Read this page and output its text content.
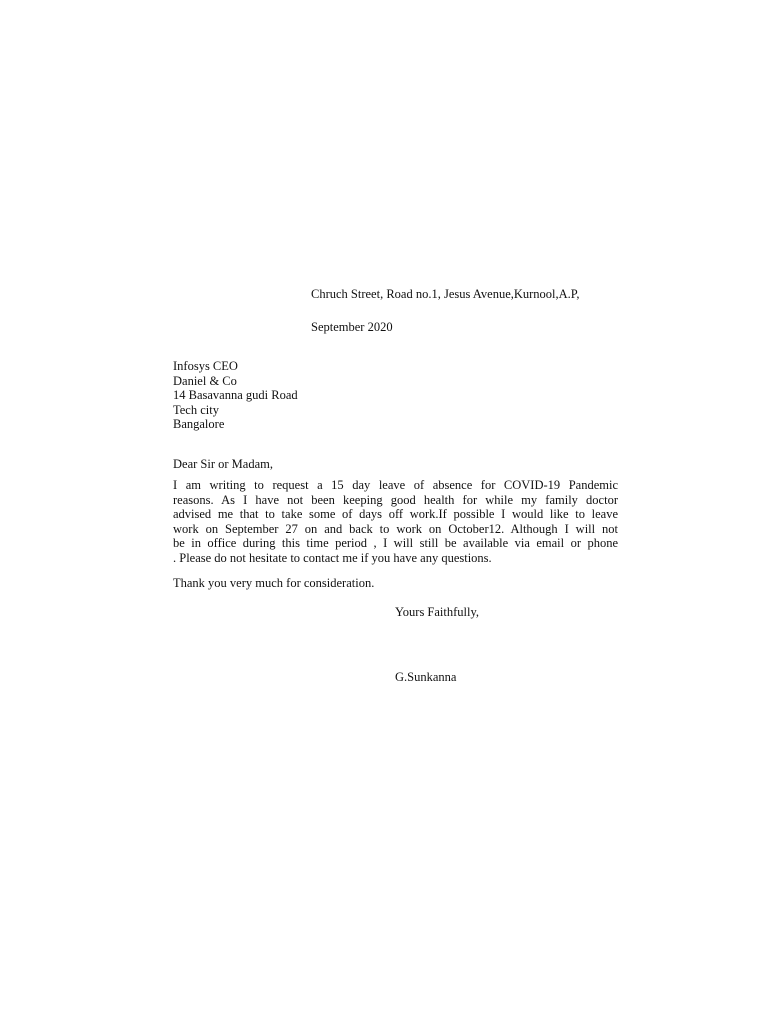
Chruch Street, Road no.1, Jesus Avenue,Kurnool,A.P,
September 2020
Infosys CEO
Daniel & Co
14 Basavanna gudi Road
Tech city
Bangalore
Dear Sir or Madam,
I am writing to request a 15 day leave of absence for COVID-19 Pandemic
reasons. As I have not been keeping good health for while my family doctor
advised me that to take some of days off work.If possible I would like to leave
work on September 27 on and back to work on October12. Although I will not
be in office during this time period , I will still be available via email or phone
. Please do not hesitate to contact me if you have any questions.
Thank you very much for consideration.
Yours Faithfully,
G.Sunkanna
